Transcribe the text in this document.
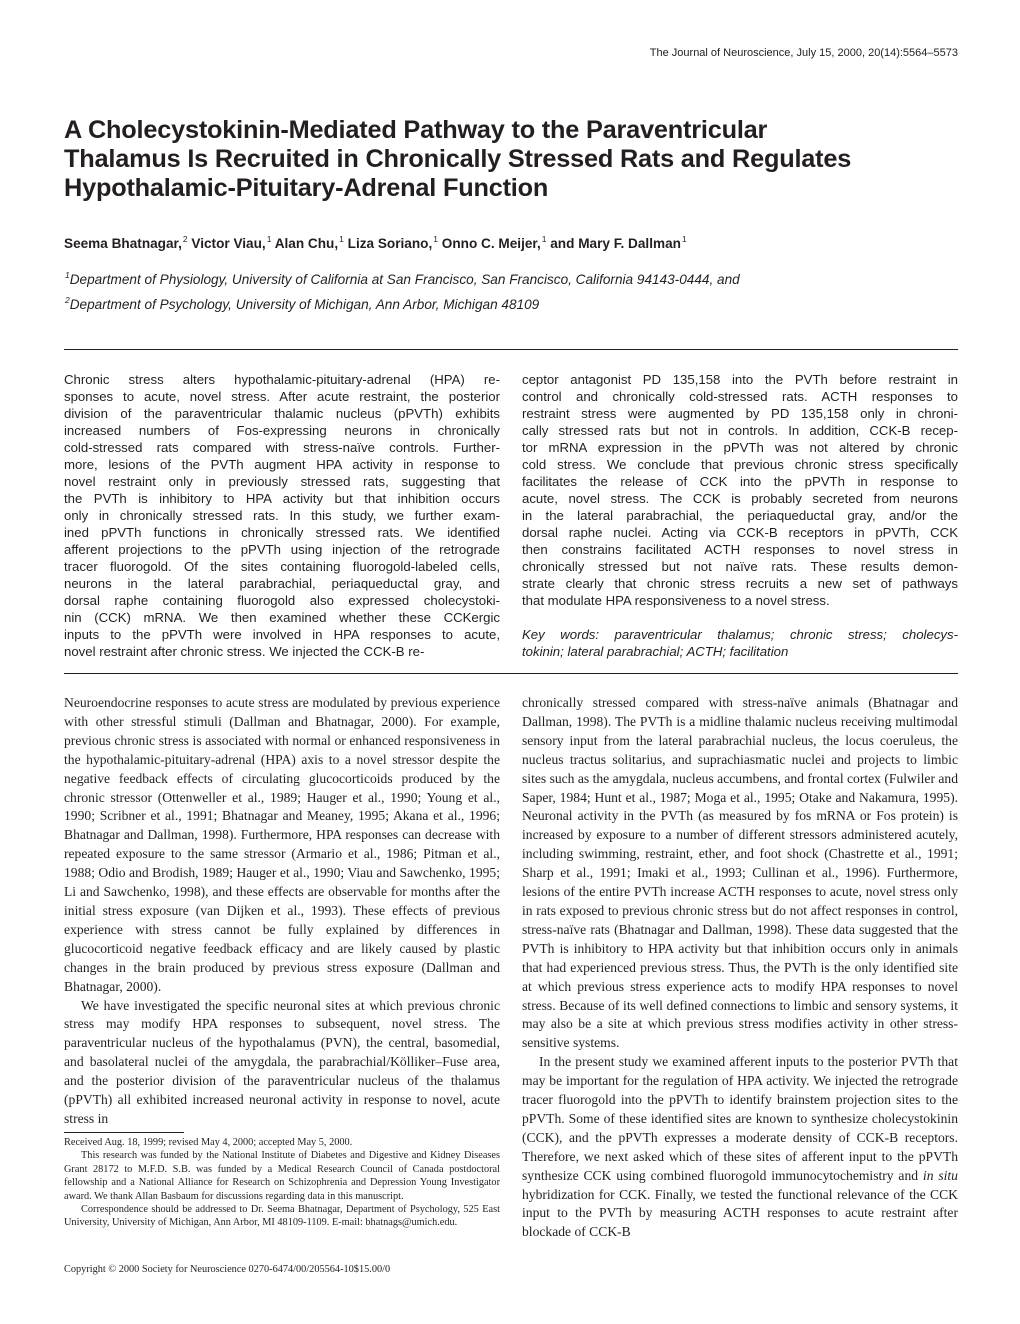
The Journal of Neuroscience, July 15, 2000, 20(14):5564–5573
A Cholecystokinin-Mediated Pathway to the Paraventricular
Thalamus Is Recruited in Chronically Stressed Rats and Regulates
Hypothalamic-Pituitary-Adrenal Function
Seema Bhatnagar,$^2$ Victor Viau,$^1$ Alan Chu,$^1$ Liza Soriano,$^1$ Onno C. Meijer,$^1$ and Mary F. Dallman$^1$
$^1$Department of Physiology, University of California at San Francisco, San Francisco, California 94143-0444, and
$^2$Department of Psychology, University of Michigan, Ann Arbor, Michigan 48109
Chronic stress alters hypothalamic-pituitary-adrenal (HPA) re-
sponses to acute, novel stress. After acute restraint, the posterior
division of the paraventricular thalamic nucleus (pPVTh) exhibits
increased numbers of Fos-expressing neurons in chronically
cold-stressed rats compared with stress-naïve controls. Further-
more, lesions of the PVTh augment HPA activity in response to
novel restraint only in previously stressed rats, suggesting that
the PVTh is inhibitory to HPA activity but that inhibition occurs
only in chronically stressed rats. In this study, we further exam-
ined pPVTh functions in chronically stressed rats. We identified
afferent projections to the pPVTh using injection of the retrograde
tracer fluorogold. Of the sites containing fluorogold-labeled cells,
neurons in the lateral parabrachial, periaqueductal gray, and
dorsal raphe containing fluorogold also expressed cholecystoki-
nin (CCK) mRNA. We then examined whether these CCKergic
inputs to the pPVTh were involved in HPA responses to acute,
novel restraint after chronic stress. We injected the CCK-B re-
ceptor antagonist PD 135,158 into the PVTh before restraint in
control and chronically cold-stressed rats. ACTH responses to
restraint stress were augmented by PD 135,158 only in chroni-
cally stressed rats but not in controls. In addition, CCK-B recep-
tor mRNA expression in the pPVTh was not altered by chronic
cold stress. We conclude that previous chronic stress specifically
facilitates the release of CCK into the pPVTh in response to
acute, novel stress. The CCK is probably secreted from neurons
in the lateral parabrachial, the periaqueductal gray, and/or the
dorsal raphe nuclei. Acting via CCK-B receptors in pPVTh, CCK
then constrains facilitated ACTH responses to novel stress in
chronically stressed but not naïve rats. These results demon-
strate clearly that chronic stress recruits a new set of pathways
that modulate HPA responsiveness to a novel stress.
Key words: paraventricular thalamus; chronic stress; cholecys-
tokinin; lateral parabrachial; ACTH; facilitation
Neuroendocrine responses to acute stress are modulated by previous experience with other stressful stimuli (Dallman and Bhatnagar, 2000). For example, previous chronic stress is associated with normal or enhanced responsiveness in the hypothalamic-pituitary-adrenal (HPA) axis to a novel stressor despite the negative feedback effects of circulating glucocorticoids produced by the chronic stressor (Ottenweller et al., 1989; Hauger et al., 1990; Young et al., 1990; Scribner et al., 1991; Bhatnagar and Meaney, 1995; Akana et al., 1996; Bhatnagar and Dallman, 1998). Furthermore, HPA responses can decrease with repeated exposure to the same stressor (Armario et al., 1986; Pitman et al., 1988; Odio and Brodish, 1989; Hauger et al., 1990; Viau and Sawchenko, 1995; Li and Sawchenko, 1998), and these effects are observable for months after the initial stress exposure (van Dijken et al., 1993). These effects of previous experience with stress cannot be fully explained by differences in glucocorticoid negative feedback efficacy and are likely caused by plastic changes in the brain produced by previous stress exposure (Dallman and Bhatnagar, 2000).
We have investigated the specific neuronal sites at which previous chronic stress may modify HPA responses to subsequent, novel stress. The paraventricular nucleus of the hypothalamus (PVN), the central, basomedial, and basolateral nuclei of the amygdala, the parabrachial/Kölliker–Fuse area, and the posterior division of the paraventricular nucleus of the thalamus (pPVTh) all exhibited increased neuronal activity in response to novel, acute stress in
chronically stressed compared with stress-naïve animals (Bhatnagar and Dallman, 1998). The PVTh is a midline thalamic nucleus receiving multimodal sensory input from the lateral parabrachial nucleus, the locus coeruleus, the nucleus tractus solitarius, and suprachiasmatic nuclei and projects to limbic sites such as the amygdala, nucleus accumbens, and frontal cortex (Fulwiler and Saper, 1984; Hunt et al., 1987; Moga et al., 1995; Otake and Nakamura, 1995). Neuronal activity in the PVTh (as measured by fos mRNA or Fos protein) is increased by exposure to a number of different stressors administered acutely, including swimming, restraint, ether, and foot shock (Chastrette et al., 1991; Sharp et al., 1991; Imaki et al., 1993; Cullinan et al., 1996). Furthermore, lesions of the entire PVTh increase ACTH responses to acute, novel stress only in rats exposed to previous chronic stress but do not affect responses in control, stress-naïve rats (Bhatnagar and Dallman, 1998). These data suggested that the PVTh is inhibitory to HPA activity but that inhibition occurs only in animals that had experienced previous stress. Thus, the PVTh is the only identified site at which previous stress experience acts to modify HPA responses to novel stress. Because of its well defined connections to limbic and sensory systems, it may also be a site at which previous stress modifies activity in other stress-sensitive systems.
In the present study we examined afferent inputs to the posterior PVTh that may be important for the regulation of HPA activity. We injected the retrograde tracer fluorogold into the pPVTh to identify brainstem projection sites to the pPVTh. Some of these identified sites are known to synthesize cholecystokinin (CCK), and the pPVTh expresses a moderate density of CCK-B receptors. Therefore, we next asked which of these sites of afferent input to the pPVTh synthesize CCK using combined fluorogold immunocytochemistry and in situ hybridization for CCK. Finally, we tested the functional relevance of the CCK input to the PVTh by measuring ACTH responses to acute restraint after blockade of CCK-B
Received Aug. 18, 1999; revised May 4, 2000; accepted May 5, 2000.
This research was funded by the National Institute of Diabetes and Digestive and Kidney Diseases Grant 28172 to M.F.D. S.B. was funded by a Medical Research Council of Canada postdoctoral fellowship and a National Alliance for Research on Schizophrenia and Depression Young Investigator award. We thank Allan Basbaum for discussions regarding data in this manuscript.
Correspondence should be addressed to Dr. Seema Bhatnagar, Department of Psychology, 525 East University, University of Michigan, Ann Arbor, MI 48109-1109. E-mail: bhatnags@umich.edu.
Copyright © 2000 Society for Neuroscience 0270-6474/00/205564-10$15.00/0
